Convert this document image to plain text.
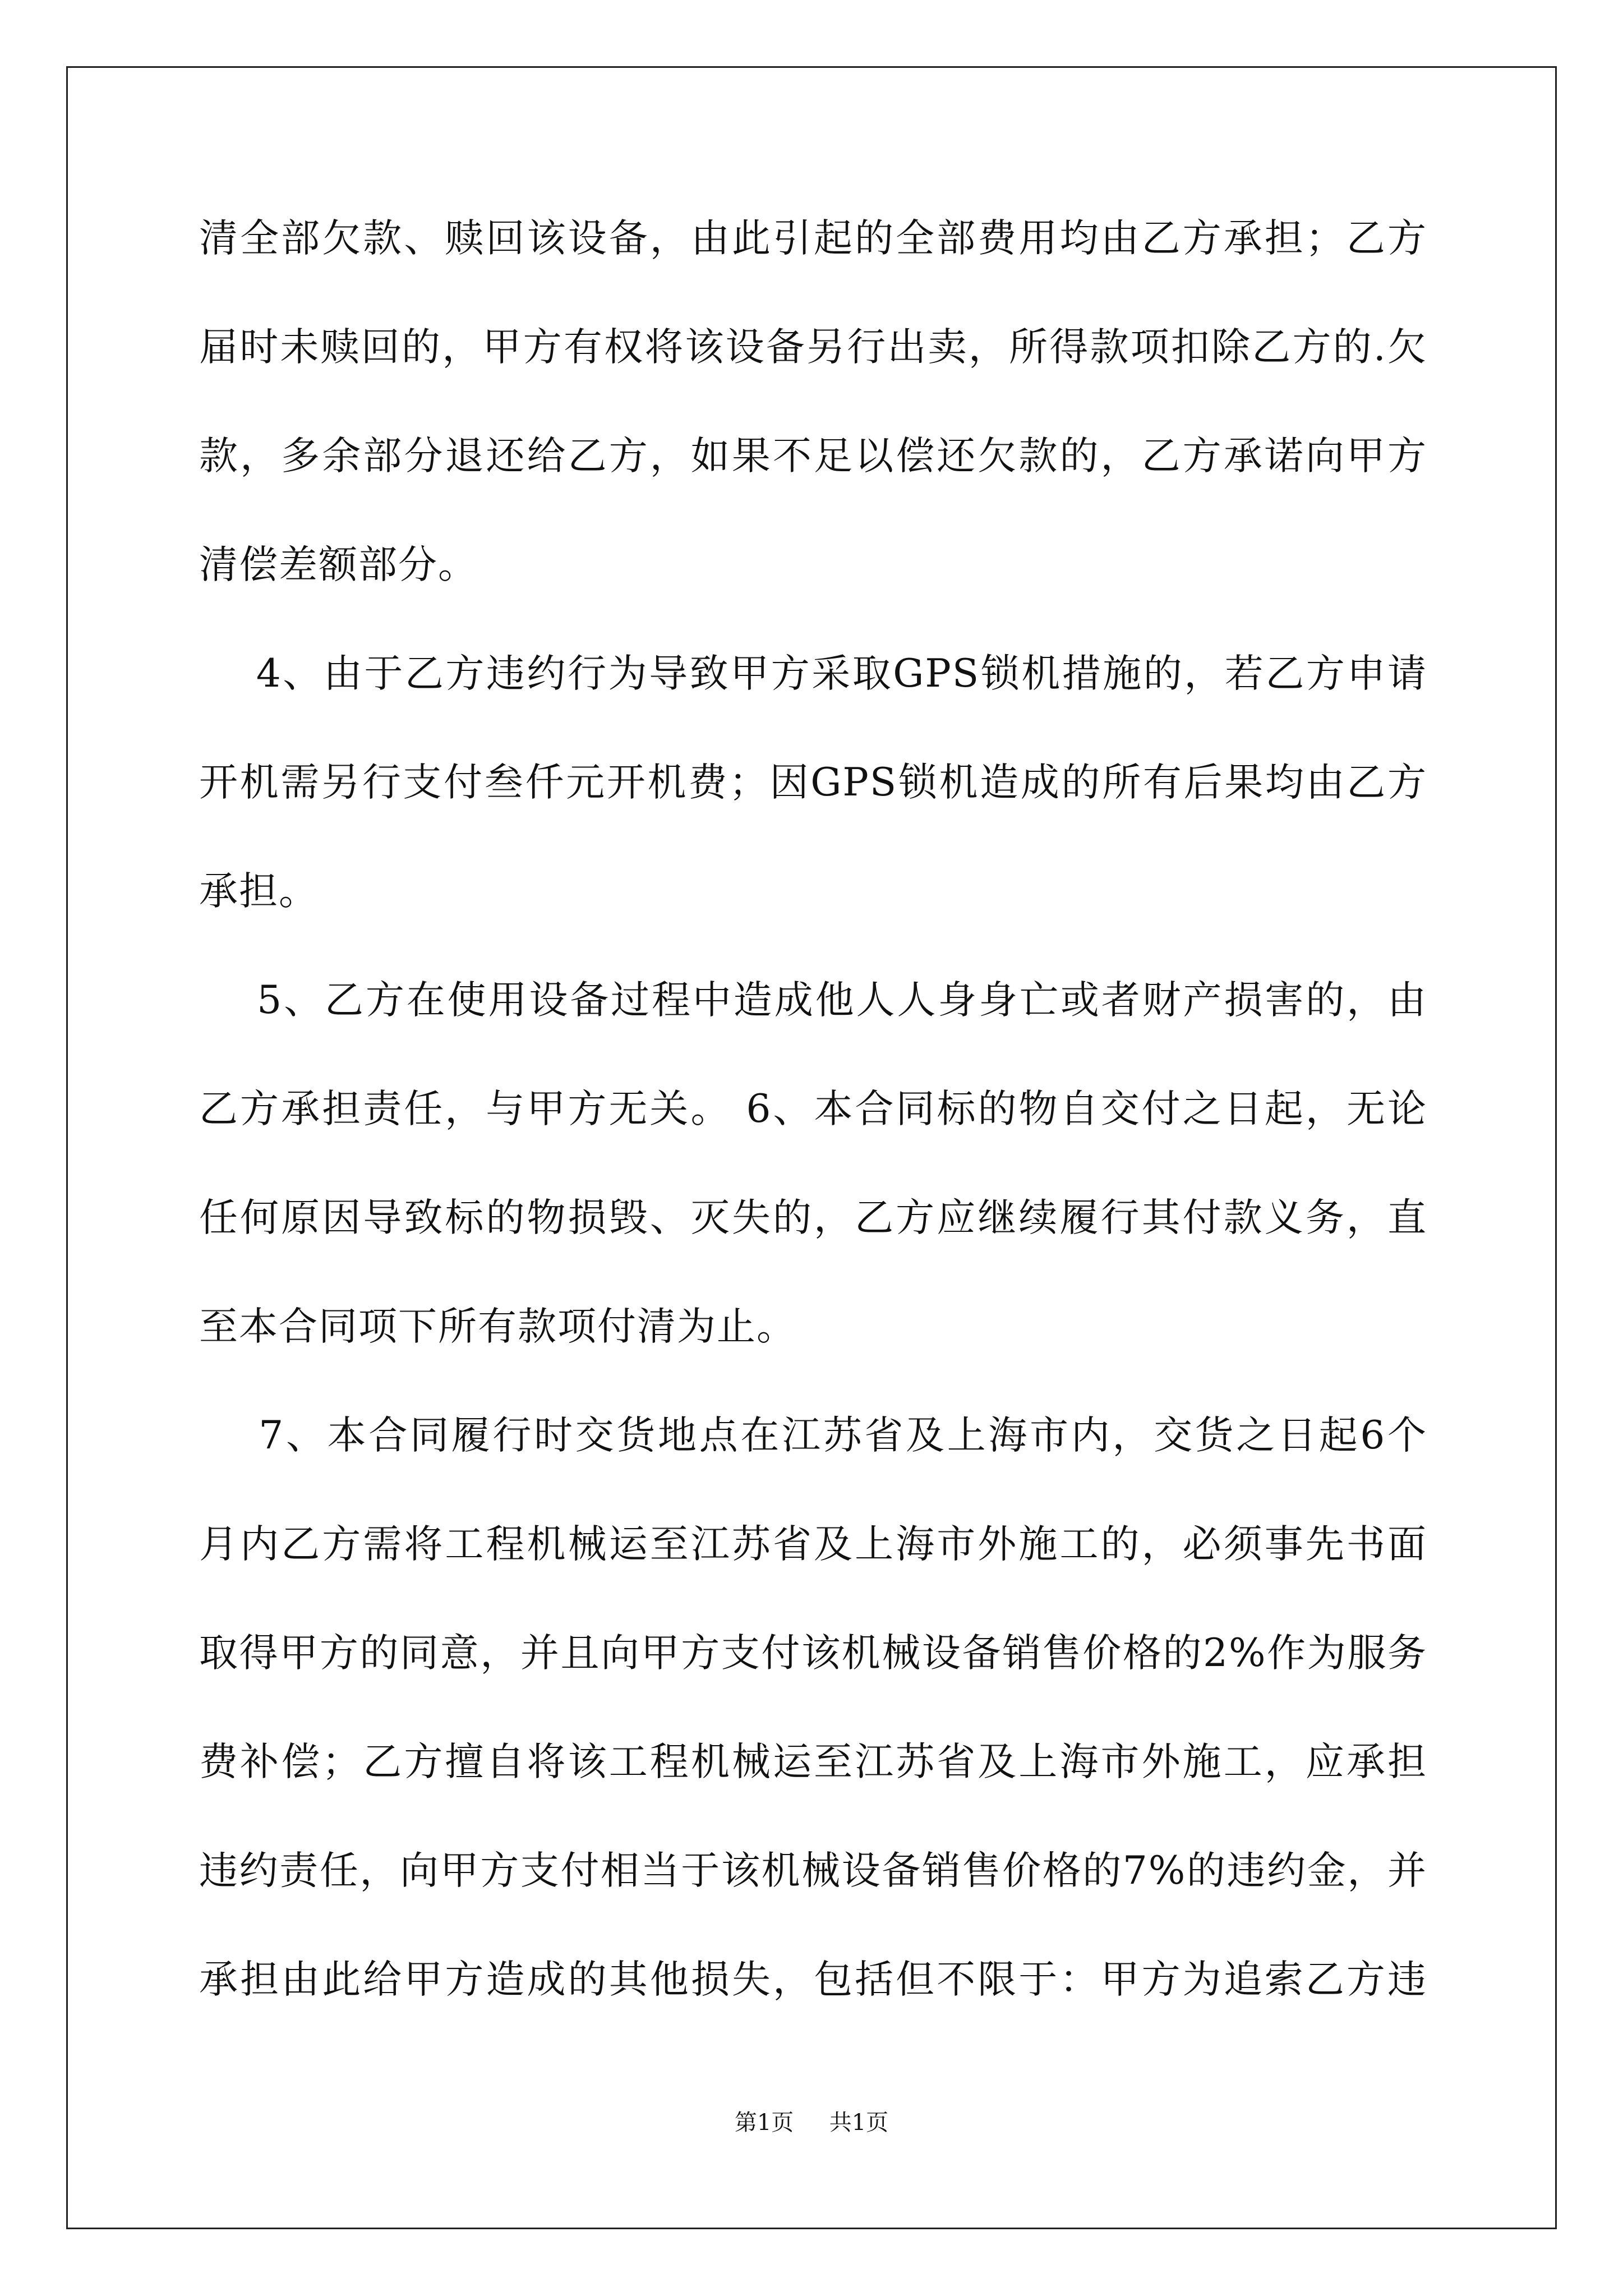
清全部欠款、赎回该设备，由此引起的全部费用均由乙方承担；乙方
届时未赎回的，甲方有权将该设备另行出卖，所得款项扣除乙方的.欠
款，多余部分退还给乙方，如果不足以偿还欠款的，乙方承诺向甲方
清偿差额部分。
4、由于乙方违约行为导致甲方采取GPS锁机措施的，若乙方申请
开机需另行支付叁仟元开机费；因GPS锁机造成的所有后果均由乙方
承担。
5、乙方在使用设备过程中造成他人人身身亡或者财产损害的，由
乙方承担责任，与甲方无关。 6、本合同标的物自交付之日起，无论
任何原因导致标的物损毁、灭失的，乙方应继续履行其付款义务，直
至本合同项下所有款项付清为止。
7、本合同履行时交货地点在江苏省及上海市内，交货之日起6个
月内乙方需将工程机械运至江苏省及上海市外施工的，必须事先书面
取得甲方的同意，并且向甲方支付该机械设备销售价格的2%作为服务
费补偿；乙方擅自将该工程机械运至江苏省及上海市外施工，应承担
违约责任，向甲方支付相当于该机械设备销售价格的7%的违约金，并
承担由此给甲方造成的其他损失，包括但不限于：甲方为追索乙方违
第1页 共1页
